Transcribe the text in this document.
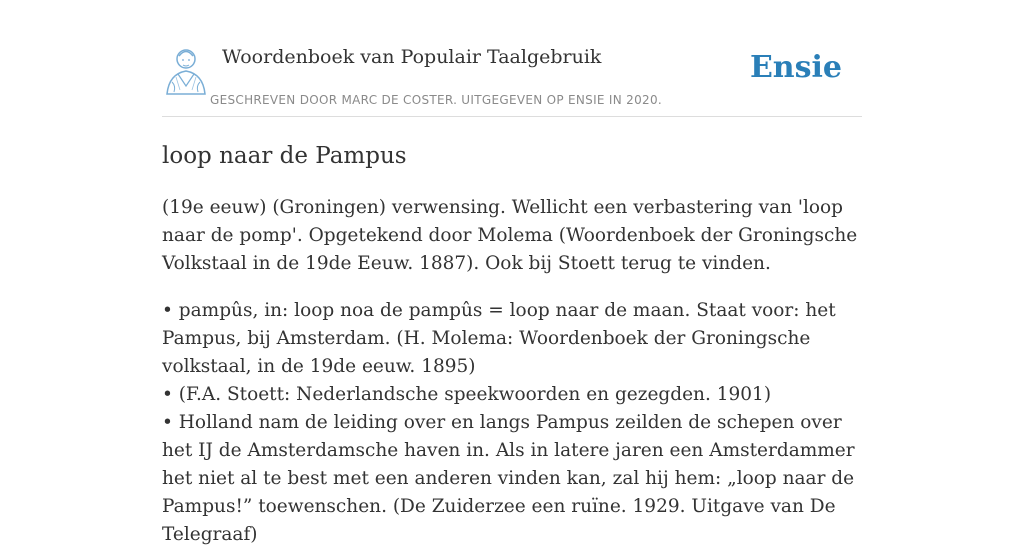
Woordenboek van Populair Taalgebruik
GESCHREVEN DOOR MARC DE COSTER. UITGEGEVEN OP ENSIE IN 2020.
Ensie
loop naar de Pampus

(19e eeuw) (Groningen) verwensing. Wellicht een verbastering van 'loop naar de pomp'. Opgetekend door Molema (Woordenboek der Groningsche Volkstaal in de 19de Eeuw. 1887). Ook bij Stoett terug te vinden.

• pampûs, in: loop noa de pampûs = loop naar de maan. Staat voor: het Pampus, bij Amsterdam. (H. Molema: Woordenboek der Groningsche volkstaal, in de 19de eeuw. 1895)
• (F.A. Stoett: Nederlandsche speekwoorden en gezegden. 1901)
• Holland nam de leiding over en langs Pampus zeilden de schepen over het IJ de Amsterdamsche haven in. Als in latere jaren een Amsterdammer het niet al te best met een anderen vinden kan, zal hij hem: „loop naar de Pampus!” toewenschen. (De Zuiderzee een ruïne. 1929. Uitgave van De Telegraaf)
